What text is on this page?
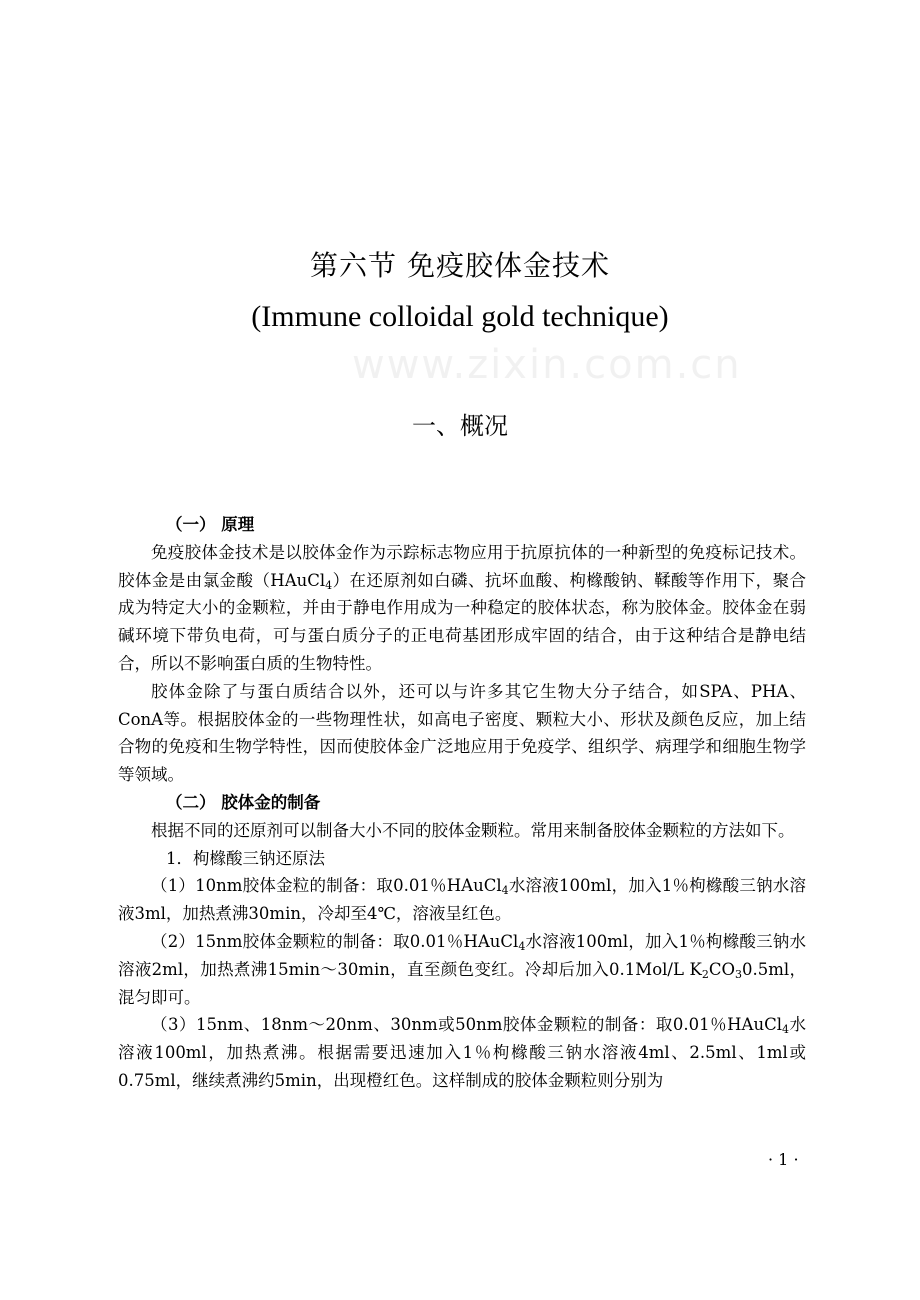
www.zixin.com.cn
第六节 免疫胶体金技术
(Immune colloidal gold technique)
一、概况

（一） 原理

免疫胶体金技术是以胶体金作为示踪标志物应用于抗原抗体的一种新型的免疫标记技术。胶体金是由氯金酸（HAuCl$_4$）在还原剂如白磷、抗坏血酸、枸橼酸钠、鞣酸等作用下，聚合成为特定大小的金颗粒，并由于静电作用成为一种稳定的胶体状态，称为胶体金。胶体金在弱碱环境下带负电荷，可与蛋白质分子的正电荷基团形成牢固的结合，由于这种结合是静电结合，所以不影响蛋白质的生物特性。

胶体金除了与蛋白质结合以外，还可以与许多其它生物大分子结合，如SPA、PHA、ConA等。根据胶体金的一些物理性状，如高电子密度、颗粒大小、形状及颜色反应，加上结合物的免疫和生物学特性，因而使胶体金广泛地应用于免疫学、组织学、病理学和细胞生物学等领域。

（二） 胶体金的制备

根据不同的还原剂可以制备大小不同的胶体金颗粒。常用来制备胶体金颗粒的方法如下。

1．枸橼酸三钠还原法

（1）10nm胶体金粒的制备：取0.01％HAuCl$_4$水溶液100ml，加入1％枸橼酸三钠水溶液3ml，加热煮沸30min，冷却至4℃，溶液呈红色。

（2）15nm胶体金颗粒的制备：取0.01％HAuCl$_4$水溶液100ml，加入1％枸橼酸三钠水溶液2ml，加热煮沸15min～30min，直至颜色变红。冷却后加入0.1Mol/L $K_2CO_30.5ml$，混匀即可。

（3）15nm、18nm～20nm、30nm或50nm胶体金颗粒的制备：取0.01％HAuCl$_4$水溶液100ml，加热煮沸。根据需要迅速加入1％枸橼酸三钠水溶液4ml、2.5ml、1ml或0.75ml，继续煮沸约5min，出现橙红色。这样制成的胶体金颗粒则分别为

· 1 ·
